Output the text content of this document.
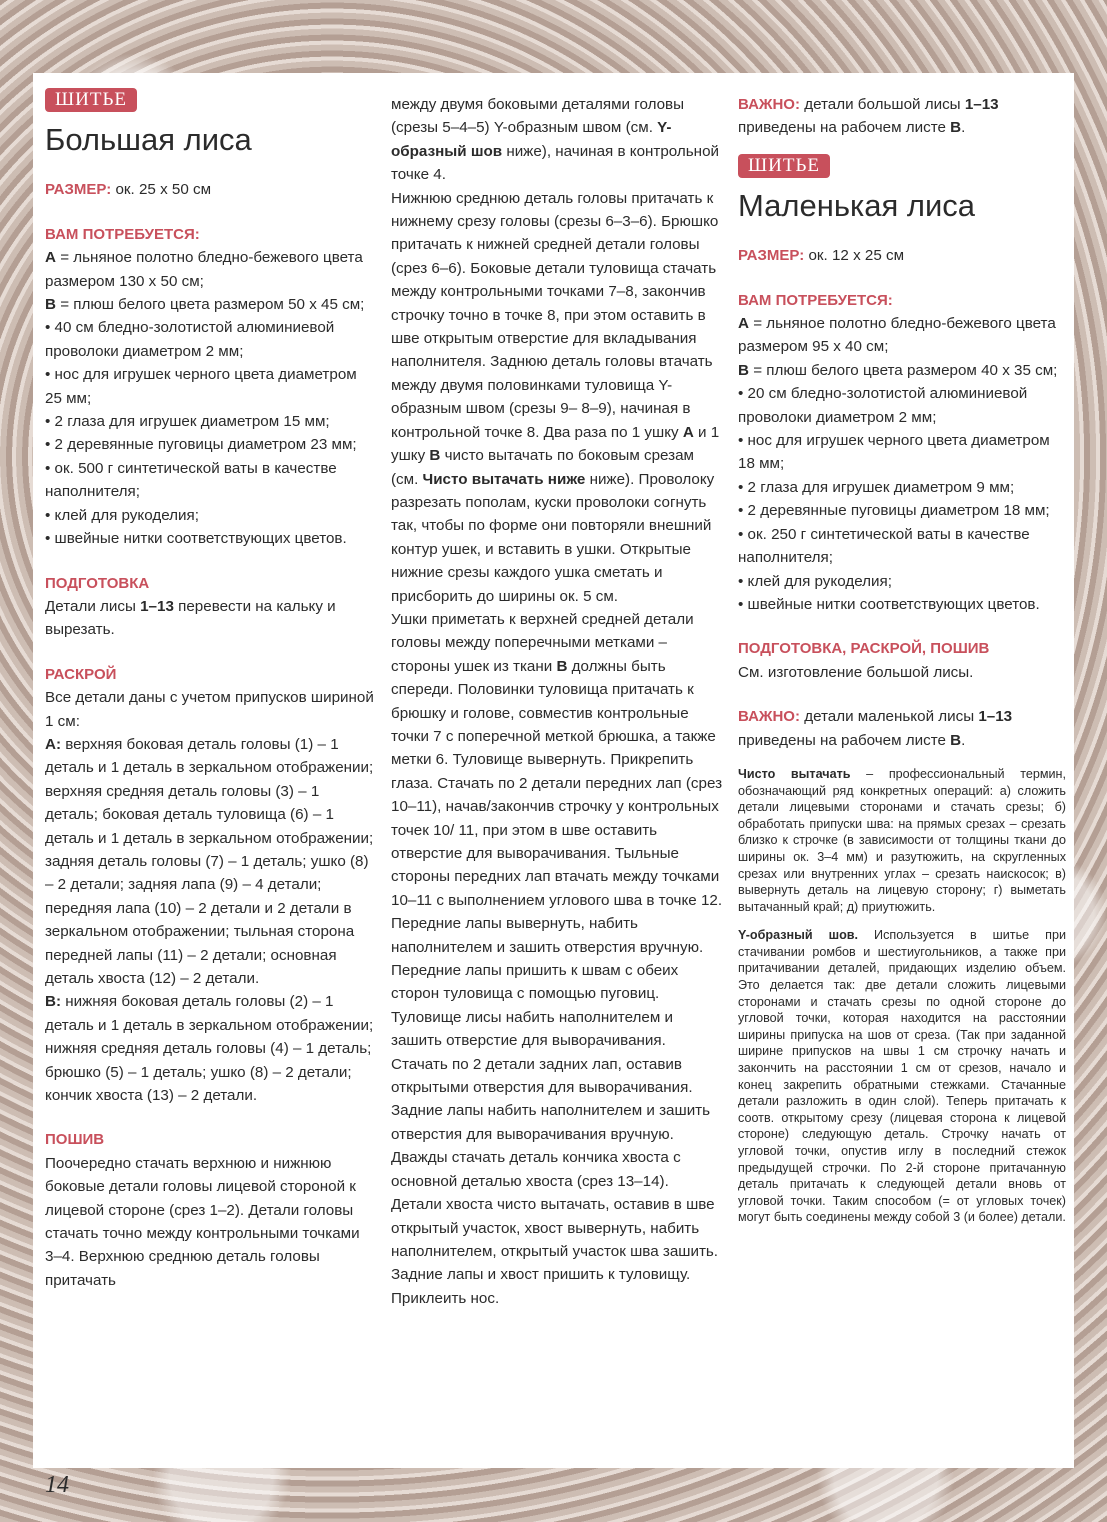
ШИТЬЕ
Большая лиса
РАЗМЕР: ок. 25 х 50 см
ВАМ ПОТРЕБУЕТСЯ:
А = льняное полотно бледно-бежевого цвета размером 130 х 50 см;
В = плюш белого цвета размером 50 х 45 см;
• 40 см бледно-золотистой алюминиевой проволоки диаметром 2 мм;
• нос для игрушек черного цвета диаметром 25 мм;
• 2 глаза для игрушек диаметром 15 мм;
• 2 деревянные пуговицы диаметром 23 мм;
• ок. 500 г синтетической ваты в качестве наполнителя;
• клей для рукоделия;
• швейные нитки соответствующих цветов.
ПОДГОТОВКА
Детали лисы 1–13 перевести на кальку и вырезать.
РАСКРОЙ
Все детали даны с учетом припусков шириной 1 см:
А: верхняя боковая деталь головы (1) – 1 деталь и 1 деталь в зеркальном отображении; верхняя средняя деталь головы (3) – 1 деталь; боковая деталь туловища (6) – 1 деталь и 1 деталь в зеркальном отображении; задняя деталь головы (7) – 1 деталь; ушко (8) – 2 детали; задняя лапа (9) – 4 детали; передняя лапа (10) – 2 детали и 2 детали в зеркальном отображении; тыльная сторона передней лапы (11) – 2 детали; основная деталь хвоста (12) – 2 детали.
В: нижняя боковая деталь головы (2) – 1 деталь и 1 деталь в зеркальном отображении; нижняя средняя деталь головы (4) – 1 деталь; брюшко (5) – 1 деталь; ушко (8) – 2 детали; кончик хвоста (13) – 2 детали.
ПОШИВ
Поочередно стачать верхнюю и нижнюю боковые детали головы лицевой стороной к лицевой стороне (срез 1–2). Детали головы стачать точно между контрольными точками 3–4. Верхнюю среднюю деталь головы притачать
между двумя боковыми деталями головы (срезы 5–4–5) Y-образным швом (см. Y-образный шов ниже), начиная в контрольной точке 4.
Нижнюю среднюю деталь головы притачать к нижнему срезу головы (срезы 6–3–6). Брюшко притачать к нижней средней детали головы (срез 6–6). Боковые детали туловища стачать между контрольными точками 7–8, закончив строчку точно в точке 8, при этом оставить в шве открытым отверстие для вкладывания наполнителя. Заднюю деталь головы втачать между двумя половинками туловища Y-образным швом (срезы 9– 8–9), начиная в контрольной точке 8. Два раза по 1 ушку А и 1 ушку В чисто вытачать по боковым срезам (см. Чисто вытачать ниже ниже). Проволоку разрезать пополам, куски проволоки согнуть так, чтобы по форме они повторяли внешний контур ушек, и вставить в ушки. Открытые нижние срезы каждого ушка сметать и присборить до ширины ок. 5 см.
Ушки приметать к верхней средней детали головы между поперечными метками – стороны ушек из ткани В должны быть спереди. Половинки туловища притачать к брюшку и голове, совместив контрольные точки 7 с поперечной меткой брюшка, а также метки 6. Туловище вывернуть. Прикрепить глаза. Стачать по 2 детали передних лап (срез 10–11), начав/закончив строчку у контрольных точек 10/ 11, при этом в шве оставить отверстие для выворачивания. Тыльные стороны передних лап втачать между точками 10–11 с выполнением углового шва в точке 12. Передние лапы вывернуть, набить наполнителем и зашить отверстия вручную. Передние лапы пришить к швам с обеих сторон туловища с помощью пуговиц. Туловище лисы набить наполнителем и зашить отверстие для выворачивания. Стачать по 2 детали задних лап, оставив открытыми отверстия для выворачивания. Задние лапы набить наполнителем и зашить отверстия для выворачивания вручную. Дважды стачать деталь кончика хвоста с основной деталью хвоста (срез 13–14). Детали хвоста чисто вытачать, оставив в шве открытый участок, хвост вывернуть, набить наполнителем, открытый участок шва зашить. Задние лапы и хвост пришить к туловищу. Приклеить нос.
ВАЖНО: детали большой лисы 1–13 приведены на рабочем листе В.
ШИТЬЕ
Маленькая лиса
РАЗМЕР: ок. 12 х 25 см
ВАМ ПОТРЕБУЕТСЯ:
А = льняное полотно бледно-бежевого цвета размером 95 х 40 см;
В = плюш белого цвета размером 40 х 35 см;
• 20 см бледно-золотистой алюминиевой проволоки диаметром 2 мм;
• нос для игрушек черного цвета диаметром 18 мм;
• 2 глаза для игрушек диаметром 9 мм;
• 2 деревянные пуговицы диаметром 18 мм;
• ок. 250 г синтетической ваты в качестве наполнителя;
• клей для рукоделия;
• швейные нитки соответствующих цветов.
ПОДГОТОВКА, РАСКРОЙ, ПОШИВ
См. изготовление большой лисы.
ВАЖНО: детали маленькой лисы 1–13 приведены на рабочем листе В.
Чисто вытачать – профессиональный термин, обозначающий ряд конкретных операций: а) сложить детали лицевыми сторонами и стачать срезы; б) обработать припуски шва: на прямых срезах – срезать близко к строчке (в зависимости от толщины ткани до ширины ок. 3–4 мм) и разутюжить, на скругленных срезах или внутренних углах – срезать наискосок; в) вывернуть деталь на лицевую сторону; г) выметать вытачанный край; д) приутюжить.
Y-образный шов. Используется в шитье при стачивании ромбов и шестиугольников, а также при притачивании деталей, придающих изделию объем. Это делается так: две детали сложить лицевыми сторонами и стачать срезы по одной стороне до угловой точки, которая находится на расстоянии ширины припуска на шов от среза. (Так при заданной ширине припусков на швы 1 см строчку начать и закончить на расстоянии 1 см от срезов, начало и конец закрепить обратными стежками. Стачанные детали разложить в один слой). Теперь притачать к соотв. открытому срезу (лицевая сторона к лицевой стороне) следующую деталь. Строчку начать от угловой точки, опустив иглу в последний стежок предыдущей строчки. По 2-й стороне притачанную деталь притачать к следующей детали вновь от угловой точки. Таким способом (= от угловых точек) могут быть соединены между собой 3 (и более) детали.
14
